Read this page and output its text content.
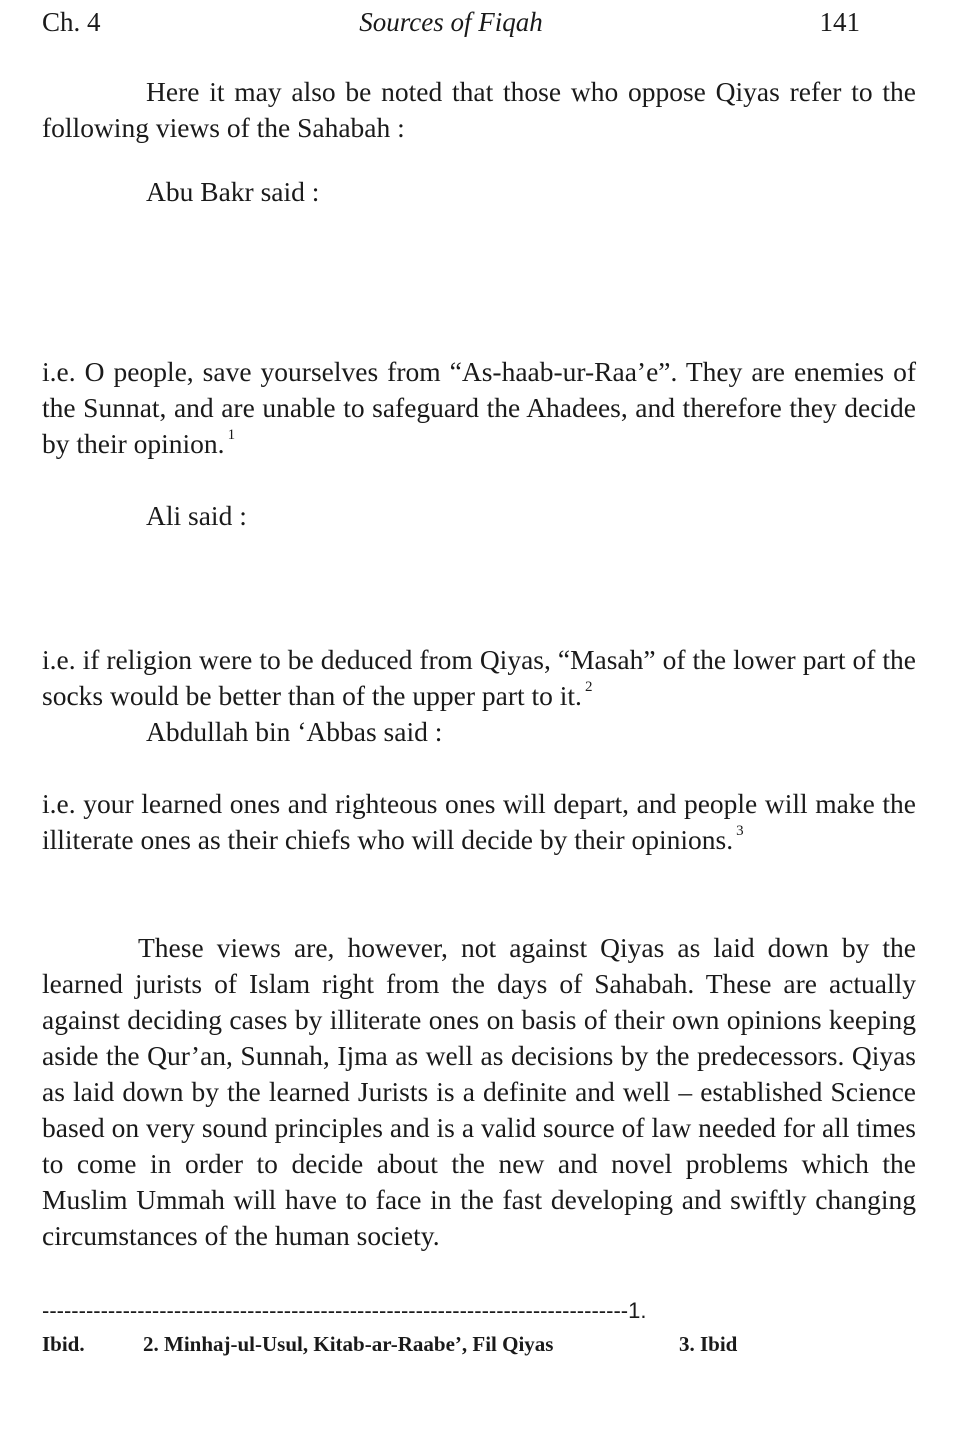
Ch. 4	Sources of Fiqah	141

Here it may also be noted that those who oppose Qiyas refer to the following views of the Sahabah :

Abu Bakr said :

i.e. O people, save yourselves from “As-haab-ur-Raa’e”. They are enemies of the Sunnat, and are unable to safeguard the Ahadees, and therefore they decide by their opinion. $^1$

Ali said :

i.e. if religion were to be deduced from Qiyas, “Masah” of the lower part of the socks would be better than of the upper part to it. $^2$

Abdullah bin ‘Abbas said :

i.e. your learned ones and righteous ones will depart, and people will make the illiterate ones as their chiefs who will decide by their opinions. $^3$

These views are, however, not against Qiyas as laid down by the learned jurists of Islam right from the days of Sahabah. These are actually against deciding cases by illiterate ones on basis of their own opinions keeping aside the Qur’an, Sunnah, Ijma as well as decisions by the predecessors. Qiyas as laid down by the learned Jurists is a definite and well – established Science based on very sound principles and is a valid source of law needed for all times to come in order to decide about the new and novel problems which the Muslim Ummah will have to face in the fast developing and swiftly changing circumstances of the human society.

--------------------------------------------------------------------------------1.
Ibid.	2. Minhaj-ul-Usul, Kitab-ar-Raabe’, Fil Qiyas	3. Ibid
